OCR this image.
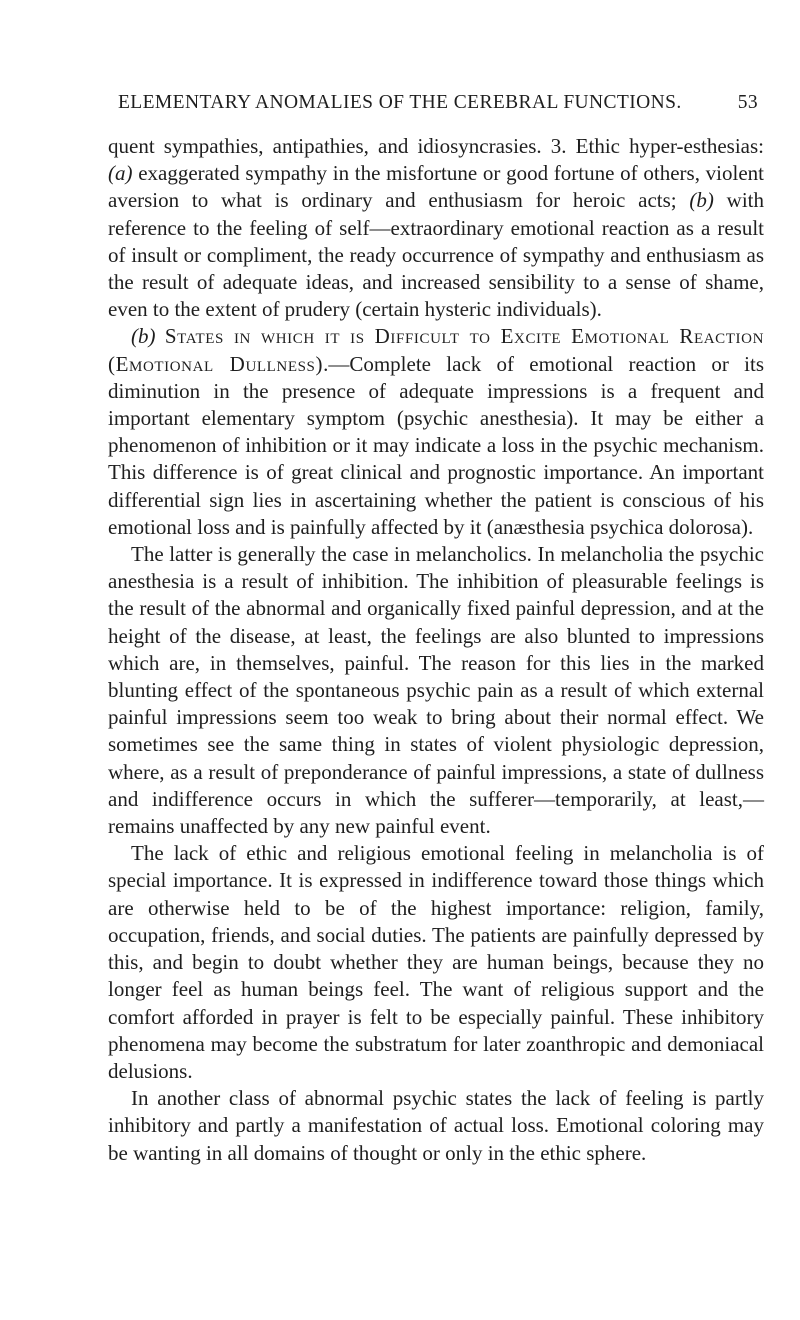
ELEMENTARY ANOMALIES OF THE CEREBRAL FUNCTIONS.	53

quent sympathies, antipathies, and idiosyncrasies. 3. Ethic hyper-esthesias: (a) exaggerated sympathy in the misfortune or good fortune of others, violent aversion to what is ordinary and enthusiasm for heroic acts; (b) with reference to the feeling of self—extraordinary emotional reaction as a result of insult or compliment, the ready occurrence of sympathy and enthusiasm as the result of adequate ideas, and increased sensibility to a sense of shame, even to the extent of prudery (certain hysteric individuals).

(b) States in which it is Difficult to Excite Emotional Reaction (Emotional Dullness).—Complete lack of emotional reaction or its diminution in the presence of adequate impressions is a frequent and important elementary symptom (psychic anesthesia). It may be either a phenomenon of inhibition or it may indicate a loss in the psychic mechanism. This difference is of great clinical and prognostic importance. An important differential sign lies in ascertaining whether the patient is conscious of his emotional loss and is painfully affected by it (anæsthesia psychica dolorosa).

The latter is generally the case in melancholics. In melancholia the psychic anesthesia is a result of inhibition. The inhibition of pleasurable feelings is the result of the abnormal and organically fixed painful depression, and at the height of the disease, at least, the feelings are also blunted to impressions which are, in themselves, painful. The reason for this lies in the marked blunting effect of the spontaneous psychic pain as a result of which external painful impressions seem too weak to bring about their normal effect. We sometimes see the same thing in states of violent physiologic depression, where, as a result of preponderance of painful impressions, a state of dullness and indifference occurs in which the sufferer—temporarily, at least,— remains unaffected by any new painful event.

The lack of ethic and religious emotional feeling in melancholia is of special importance. It is expressed in indifference toward those things which are otherwise held to be of the highest importance: religion, family, occupation, friends, and social duties. The patients are painfully depressed by this, and begin to doubt whether they are human beings, because they no longer feel as human beings feel. The want of religious support and the comfort afforded in prayer is felt to be especially painful. These inhibitory phenomena may become the substratum for later zoanthropic and demoniacal delusions.

In another class of abnormal psychic states the lack of feeling is partly inhibitory and partly a manifestation of actual loss. Emotional coloring may be wanting in all domains of thought or only in the ethic sphere.
